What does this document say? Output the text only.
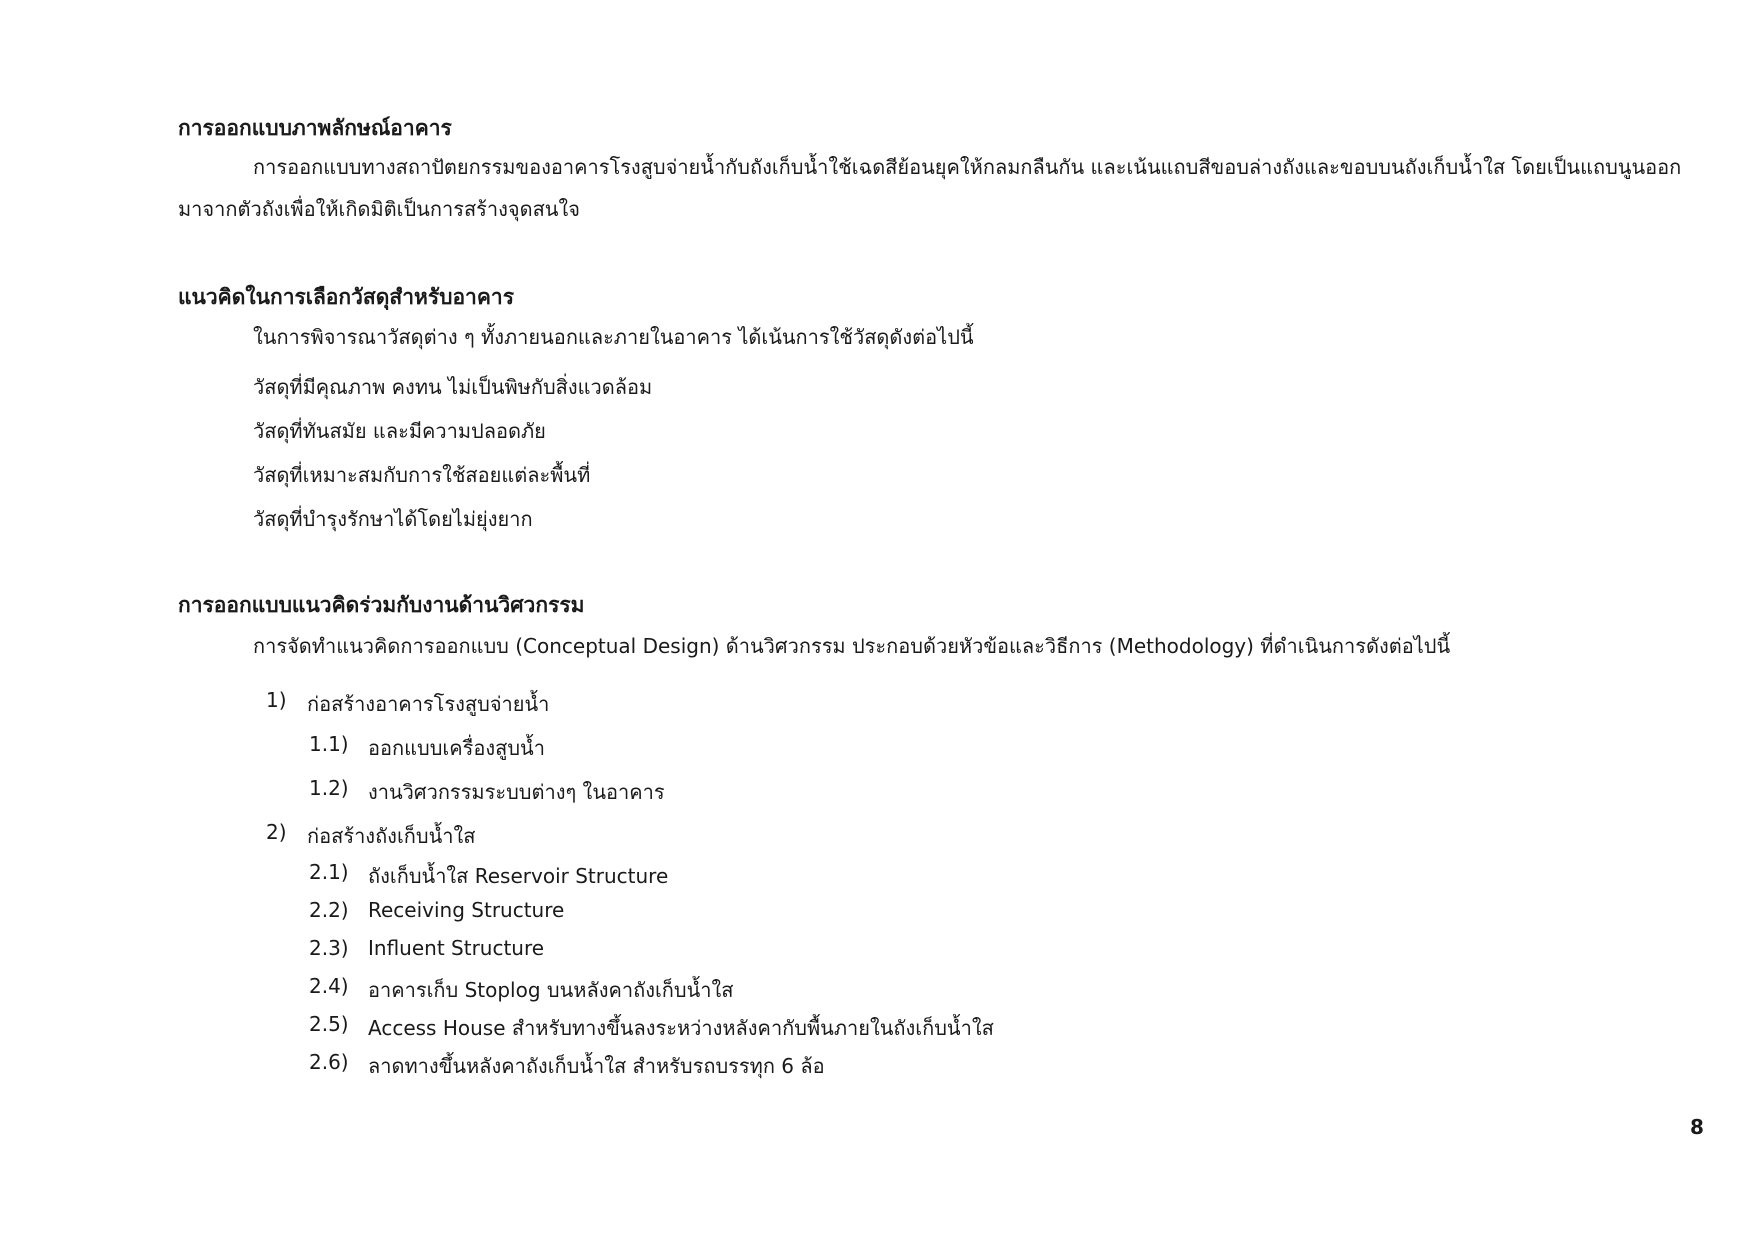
การออกแบบภาพลักษณ์อาคาร
การออกแบบทางสถาปัตยกรรมของอาคารโรงสูบจ่ายน้ำกับถังเก็บน้ำใช้เฉดสีย้อนยุคให้กลมกลืนกัน และเน้นแถบสีขอบล่างถังและขอบบนถังเก็บน้ำใส โดยเป็นแถบนูนออกมาจากตัวถังเพื่อให้เกิดมิติเป็นการสร้างจุดสนใจ
แนวคิดในการเลือกวัสดุสำหรับอาคาร
ในการพิจารณาวัสดุต่าง ๆ ทั้งภายนอกและภายในอาคาร ได้เน้นการใช้วัสดุดังต่อไปนี้
วัสดุที่มีคุณภาพ คงทน ไม่เป็นพิษกับสิ่งแวดล้อม
วัสดุที่ทันสมัย และมีความปลอดภัย
วัสดุที่เหมาะสมกับการใช้สอยแต่ละพื้นที่
วัสดุที่บำรุงรักษาได้โดยไม่ยุ่งยาก
การออกแบบแนวคิดร่วมกับงานด้านวิศวกรรม
การจัดทำแนวคิดการออกแบบ (Conceptual Design) ด้านวิศวกรรม ประกอบด้วยหัวข้อและวิธีการ (Methodology) ที่ดำเนินการดังต่อไปนี้
1) ก่อสร้างอาคารโรงสูบจ่ายน้ำ
1.1) ออกแบบเครื่องสูบน้ำ
1.2) งานวิศวกรรมระบบต่างๆ ในอาคาร
2) ก่อสร้างถังเก็บน้ำใส
2.1) ถังเก็บน้ำใส Reservoir Structure
2.2) Receiving Structure
2.3) Influent Structure
2.4) อาคารเก็บ Stoplog บนหลังคาถังเก็บน้ำใส
2.5) Access House สำหรับทางขึ้นลงระหว่างหลังคากับพื้นภายในถังเก็บน้ำใส
2.6) ลาดทางขึ้นหลังคาถังเก็บน้ำใส สำหรับรถบรรทุก 6 ล้อ
8
